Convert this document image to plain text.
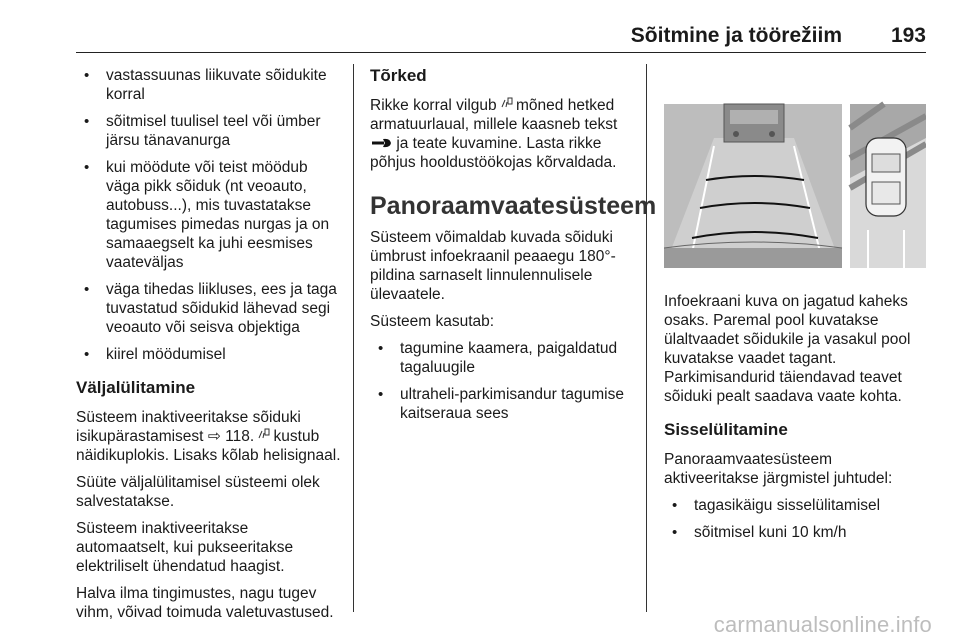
Sõitmine ja töörežiim 193
• vastassuunas liikuvate sõidukite korral
• sõitmisel tuulisel teel või ümber järsu tänavanurga
• kui möödute või teist möödub väga pikk sõiduk (nt veoauto, autobuss...), mis tuvastatakse tagumises pimedas nurgas ja on samaaegselt ka juhi eesmises vaateväljas
• väga tihedas liikluses, ees ja taga tuvastatud sõidukid lähevad segi veoauto või seisva objektiga
• kiirel möödumisel
Väljalülitamine

Süsteem inaktiveeritakse sõiduki isikupärastamisest ⇨ 118. kustub näidikuplokis. Lisaks kõlab helisignaal.

Süüte väljalülitamisel süsteemi olek salvestatakse.

Süsteem inaktiveeritakse automaatselt, kui pukseeritakse elektriliselt ühendatud haagist.

Halva ilma tingimustes, nagu tugev vihm, võivad toimuda valetuvastused.

Tõrked

Rikke korral vilgub mõned hetked armatuurlaual, millele kaasneb tekst  ja teate kuvamine. Lasta rikke põhjus hooldustöökojas kõrvaldada.

Panoraamvaatesüsteem

Süsteem võimaldab kuvada sõiduki ümbrust infoekraanil peaaegu 180°-pildina sarnaselt linnulennulisele ülevaatele.

Süsteem kasutab:

• tagumine kaamera, paigaldatud tagaluugile
• ultraheli-parkimisandur tagumise kaitseraua sees

Infoekraani kuva on jagatud kaheks osaks. Paremal pool kuvatakse ülaltvaadet sõidukile ja vasakul pool kuvatakse vaadet tagant. Parkimisandurid täiendavad teavet sõiduki pealt saadava vaate kohta.

Sisselülitamine

Panoraamvaatesüsteem aktiveeritakse järgmistel juhtudel:

• tagasikäigu sisselülitamisel
• sõitmisel kuni 10 km/h
carmanualsonline.info
